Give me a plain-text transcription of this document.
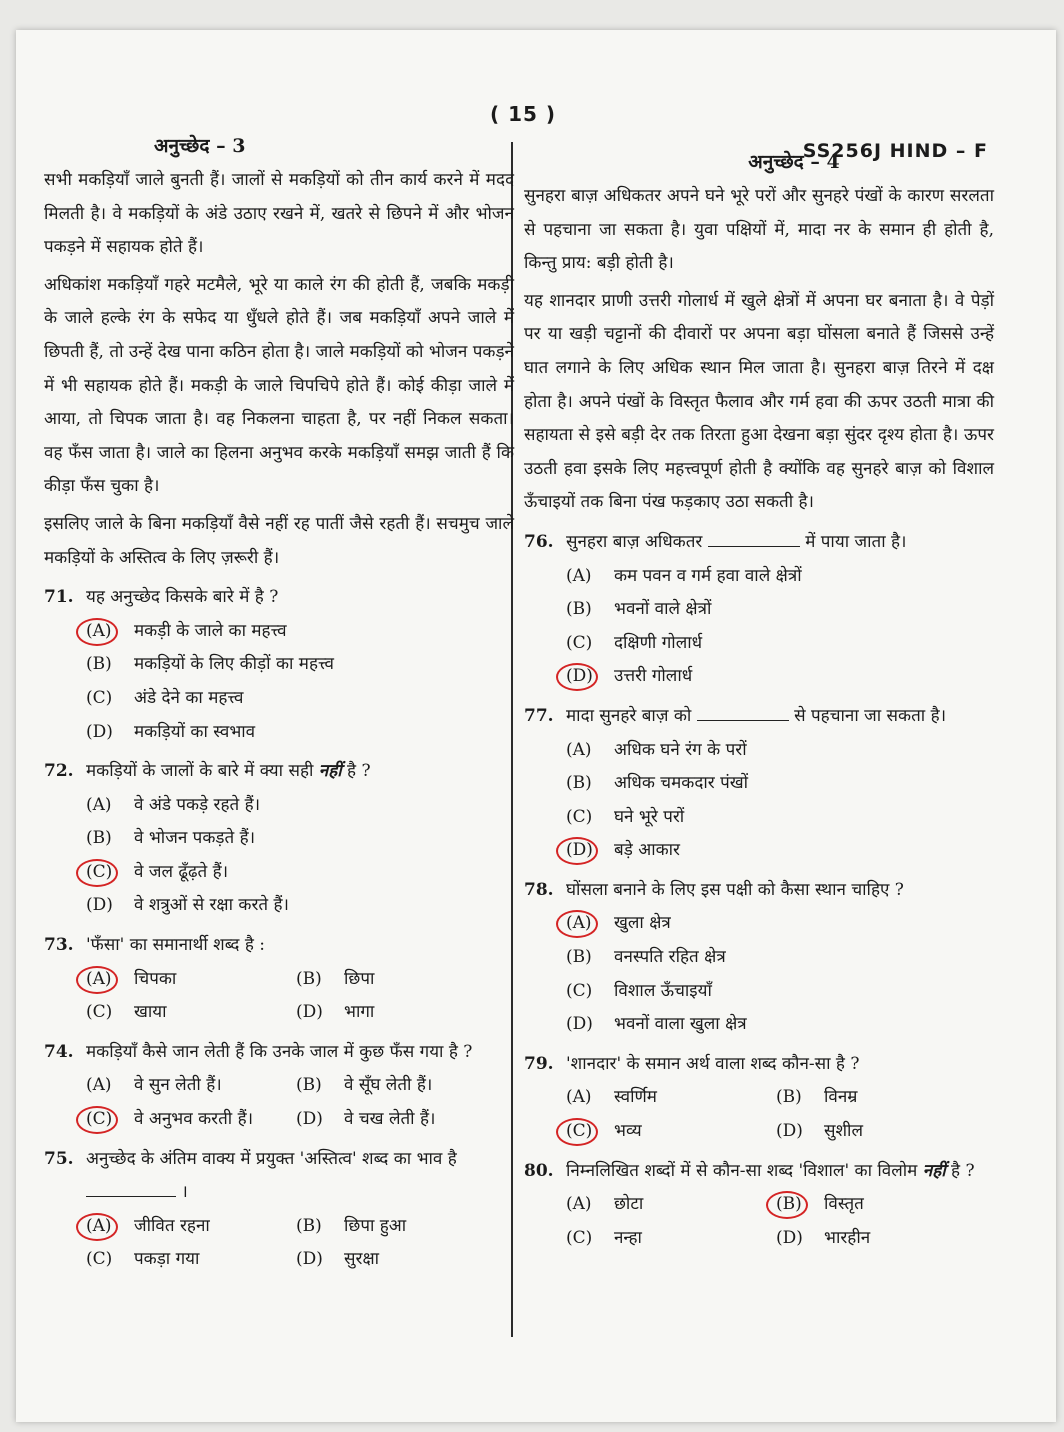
( 15 )
SS256J HIND – F
अनुच्छेद – 3

सभी मकड़ियाँ जाले बुनती हैं। जालों से मकड़ियों को तीन कार्य करने में मदद मिलती है। वे मकड़ियों के अंडे उठाए रखने में, खतरे से छिपने में और भोजन पकड़ने में सहायक होते हैं।

अधिकांश मकड़ियाँ गहरे मटमैले, भूरे या काले रंग की होती हैं, जबकि मकड़ी के जाले हल्के रंग के सफेद या धुँधले होते हैं। जब मकड़ियाँ अपने जाले में छिपती हैं, तो उन्हें देख पाना कठिन होता है। जाले मकड़ियों को भोजन पकड़ने में भी सहायक होते हैं। मकड़ी के जाले चिपचिपे होते हैं। कोई कीड़ा जाले में आया, तो चिपक जाता है। वह निकलना चाहता है, पर नहीं निकल सकता। वह फँस जाता है। जाले का हिलना अनुभव करके मकड़ियाँ समझ जाती हैं कि कीड़ा फँस चुका है।

इसलिए जाले के बिना मकड़ियाँ वैसे नहीं रह पातीं जैसे रहती हैं। सचमुच जाले मकड़ियों के अस्तित्व के लिए ज़रूरी हैं।

71. यह अनुच्छेद किसके बारे में है ?
(A)	मकड़ी के जाले का महत्त्व
(B)	मकड़ियों के लिए कीड़ों का महत्त्व
(C)	अंडे देने का महत्त्व
(D)	मकड़ियों का स्वभाव
72. मकड़ियों के जालों के बारे में क्या सही नहीं है ?
(A)	वे अंडे पकड़े रहते हैं।
(B)	वे भोजन पकड़ते हैं।
(C)	वे जल ढूँढ़ते हैं।
(D)	वे शत्रुओं से रक्षा करते हैं।
73. 'फँसा' का समानार्थी शब्द है :
(A)	चिपका	(B)	छिपा
(C)	खाया	(D)	भागा
74. मकड़ियाँ कैसे जान लेती हैं कि उनके जाल में कुछ फँस गया है ?
(A)	वे सुन लेती हैं।	(B)	वे सूँघ लेती हैं।
(C)	वे अनुभव करती हैं।	(D)	वे चख लेती हैं।
75. अनुच्छेद के अंतिम वाक्य में प्रयुक्त 'अस्तित्व' शब्द का भाव है  ।
(A)	जीवित रहना	(B)	छिपा हुआ
(C)	पकड़ा गया	(D)	सुरक्षा
अनुच्छेद – 4

सुनहरा बाज़ अधिकतर अपने घने भूरे परों और सुनहरे पंखों के कारण सरलता से पहचाना जा सकता है। युवा पक्षियों में, मादा नर के समान ही होती है, किन्तु प्राय: बड़ी होती है।

यह शानदार प्राणी उत्तरी गोलार्ध में खुले क्षेत्रों में अपना घर बनाता है। वे पेड़ों पर या खड़ी चट्टानों की दीवारों पर अपना बड़ा घोंसला बनाते हैं जिससे उन्हें घात लगाने के लिए अधिक स्थान मिल जाता है। सुनहरा बाज़ तिरने में दक्ष होता है। अपने पंखों के विस्तृत फैलाव और गर्म हवा की ऊपर उठती मात्रा की सहायता से इसे बड़ी देर तक तिरता हुआ देखना बड़ा सुंदर दृश्य होता है। ऊपर उठती हवा इसके लिए महत्त्वपूर्ण होती है क्योंकि वह सुनहरे बाज़ को विशाल ऊँचाइयों तक बिना पंख फड़काए उठा सकती है।

76. सुनहरा बाज़ अधिकतर	में पाया जाता है।
(A)	कम पवन व गर्म हवा वाले क्षेत्रों
(B)	भवनों वाले क्षेत्रों
(C)	दक्षिणी गोलार्ध
(D)	उत्तरी गोलार्ध
77. मादा सुनहरे बाज़ को	से पहचाना जा सकता है।
(A)	अधिक घने रंग के परों
(B)	अधिक चमकदार पंखों
(C)	घने भूरे परों
(D)	बड़े आकार
78. घोंसला बनाने के लिए इस पक्षी को कैसा स्थान चाहिए ?
(A)	खुला क्षेत्र
(B)	वनस्पति रहित क्षेत्र
(C)	विशाल ऊँचाइयाँ
(D)	भवनों वाला खुला क्षेत्र
79. 'शानदार' के समान अर्थ वाला शब्द कौन-सा है ?
(A)	स्वर्णिम	(B)	विनम्र
(C)	भव्य	(D)	सुशील
80. निम्नलिखित शब्दों में से कौन-सा शब्द 'विशाल' का विलोम नहीं है ?
(A)	छोटा	(B)	विस्तृत
(C)	नन्हा	(D)	भारहीन
